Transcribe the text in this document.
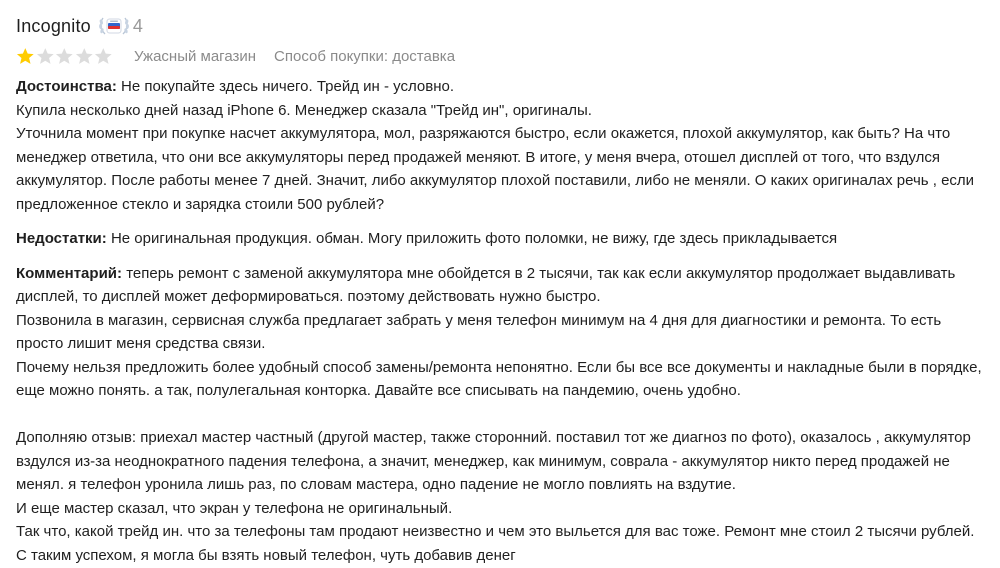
Incognito 4
Ужасный магазин Способ покупки: доставка

Достоинства: Не покупайте здесь ничего. Трейд ин - условно.

Купила несколько дней назад iPhone 6. Менеджер сказала "Трейд ин", оригиналы.

Уточнила момент при покупке насчет аккумулятора, мол, разряжаются быстро, если окажется, плохой аккумулятор, как быть? На что менеджер ответила, что они все аккумуляторы перед продажей меняют. В итоге, у меня вчера, отошел дисплей от того, что вздулся аккумулятор. После работы менее 7 дней. Значит, либо аккумулятор плохой поставили, либо не меняли. О каких оригиналах речь , если предложенное стекло и зарядка стоили 500 рублей?

Недостатки: Не оригинальная продукция. обман. Могу приложить фото поломки, не вижу, где здесь прикладывается

Комментарий: теперь ремонт с заменой аккумулятора мне обойдется в 2 тысячи, так как если аккумулятор продолжает выдавливать дисплей, то дисплей может деформироваться. поэтому действовать нужно быстро.

Позвонила в магазин, сервисная служба предлагает забрать у меня телефон минимум на 4 дня для диагностики и ремонта. То есть просто лишит меня средства связи.

Почему нельзя предложить более удобный способ замены/ремонта непонятно. Если бы все все документы и накладные были в порядке, еще можно понять. а так, полулегальная конторка. Давайте все списывать на пандемию, очень удобно.

Дополняю отзыв: приехал мастер частный (другой мастер, также сторонний. поставил тот же диагноз по фото), оказалось , аккумулятор вздулся из-за неоднократного падения телефона, а значит, менеджер, как минимум, соврала - аккумулятор никто перед продажей не менял. я телефон уронила лишь раз, по словам мастера, одно падение не могло повлиять на вздутие.

И еще мастер сказал, что экран у телефона не оригинальный.

Так что, какой трейд ин. что за телефоны там продают неизвестно и чем это выльется для вас тоже. Ремонт мне стоил 2 тысячи рублей. С таким успехом, я могла бы взять новый телефон, чуть добавив денег
